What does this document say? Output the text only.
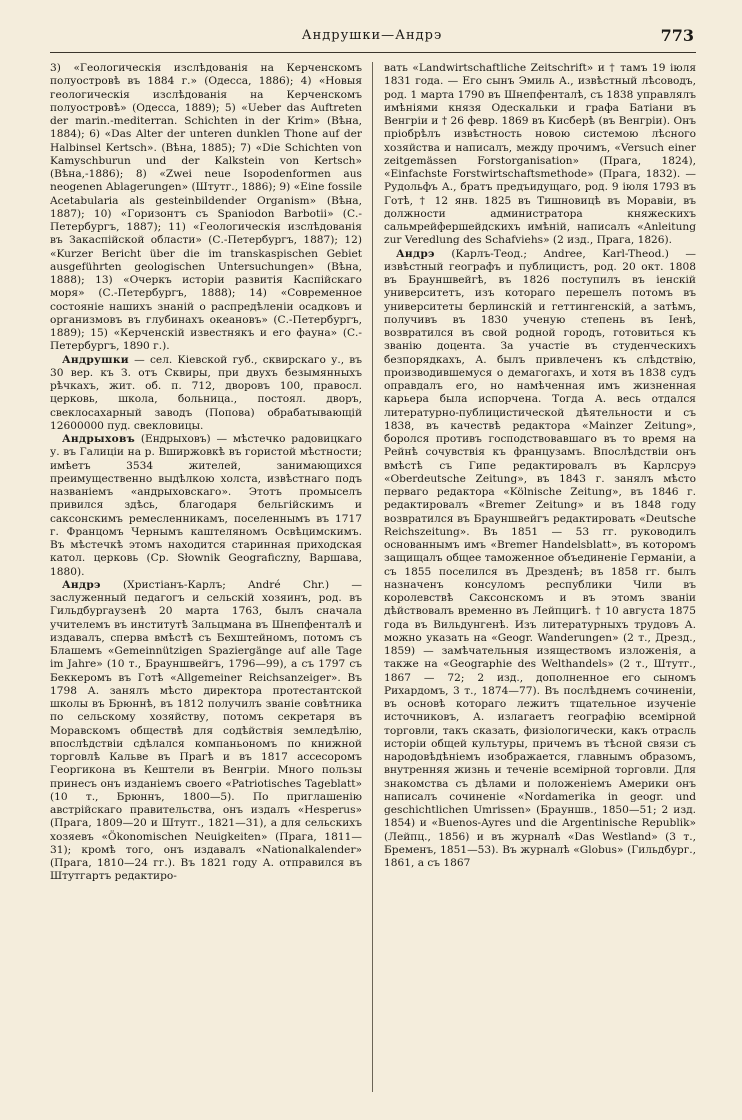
Андрушки—Андрэ	773

3) «Геологическія изслѣдованія на Керченскомъ полуостровѣ въ 1884 г.» (Одесса, 1886); 4) «Новыя геологическія изслѣдованія на Керченскомъ полуостровѣ» (Одесса, 1889); 5) «Ueber das Auftreten der marin.-mediterran. Schichten in der Krim» (Вѣна, 1884); 6) «Das Alter der unteren dunklen Thone auf der Halbinsel Kertsch». (Вѣна, 1885); 7) «Die Schichten von Kamyschburun und der Kalkstein von Kertsch» (Вѣна,-1886); 8) «Zwei neue Isopodenformen aus neogenen Ablagerungen» (Штутг., 1886); 9) «Eine fossile Acetabularia als gesteinbildender Organism» (Вѣна, 1887); 10) «Горизонтъ съ Spaniodon Barbotii» (С.-Петербургъ, 1887); 11) «Геологическія изслѣдованія въ Закаспійской области» (С.-Петербургъ, 1887); 12) «Kurzer Bericht über die im transkaspischen Gebiet ausgeführten geologischen Untersuchungen» (Вѣна, 1888); 13) «Очеркъ исторіи развитія Каспійскаго моря» (С.-Петербургъ, 1888); 14) «Современное состояніе нашихъ знаній о распредѣленіи осадковъ и организмовъ въ глубинахъ океановъ» (С.-Петербургъ, 1889); 15) «Керченскій известнякъ и его фауна» (С.-Петербургъ, 1890 г.).

Андрушки — сел. Кіевской губ., сквирскаго у., въ 30 вер. къ З. отъ Сквиры, при двухъ безымянныхъ рѣчкахъ, жит. об. п. 712, дворовъ 100, правосл. церковь, школа, больница., постоял. дворъ, свеклосахарный заводъ (Попова) обрабатывающій 12600000 пуд. свекловицы.

Андрыховъ (Ендрыховъ) — мѣстечко радовицкаго у. въ Галиціи на р. Вширжовкѣ въ гористой мѣстности; имѣетъ 3534 жителей, занимающихся преимущественно выдѣлкою холста, извѣстнаго подъ названіемъ «андрыховскаго». Этотъ промыселъ привился здѣсь, благодаря бельгійскимъ и саксонскимъ ремесленникамъ, поселеннымъ въ 1717 г. Францомъ Чернымъ каштеляномъ Освѣцимскимъ. Въ мѣстечкѣ этомъ находится старинная приходская катол. церковь (Ср. Słownik Geograficzny, Варшава, 1880).

Андрэ (Христіанъ-Карлъ; André Chr.) — заслуженный педагогъ и сельскій хозяинъ, род. въ Гильдбургаузенѣ 20 марта 1763, былъ сначала учителемъ въ институтѣ Зальцмана въ Шнепфенталѣ и издавалъ, сперва вмѣстѣ съ Бехштейномъ, потомъ съ Блашемъ «Gemeinnützigen Spaziergänge auf alle Tage im Jahre» (10 т., Брауншвейгъ, 1796—99), а съ 1797 съ Беккеромъ въ Готѣ «Allgemeiner Reichsanzeiger». Въ 1798 А. занялъ мѣсто директора протестантской школы въ Брюннѣ, въ 1812 получилъ званіе совѣтника по сельскому хозяйству, потомъ секретаря въ Моравскомъ обществѣ для содѣйствія земледѣлію, впослѣдствіи сдѣлался компаньономъ по книжной торговлѣ Кальве въ Прагѣ и въ 1817 ассесоромъ Георгикона въ Кештели въ Венгріи. Много пользы принесъ онъ изданіемъ своего «Patriotisches Tageblatt» (10 т., Брюннъ, 1800—5). По приглашенію австрійскаго правительства, онъ издалъ «Hesperus» (Прага, 1809—20 и Штутг., 1821—31), а для сельскихъ хозяевъ «Ökonomischen Neuigkeiten» (Прага, 1811—31); кромѣ того, онъ издавалъ «Nationalkalender» (Прага, 1810—24 гг.). Въ 1821 году А. отправился въ Штутгартъ редактиро-

вать «Landwirtschaftliche Zeitschrift» и † тамъ 19 іюля 1831 года. — Его сынъ Эмиль А., извѣстный лѣсоводъ, род. 1 марта 1790 въ Шнепфенталѣ, съ 1838 управлялъ имѣніями князя Одескальки и графа Батіани въ Венгріи и † 26 февр. 1869 въ Кисберѣ (въ Венгріи). Онъ пріобрѣлъ извѣстность новою системою лѣсного хозяйства и написалъ, между прочимъ, «Versuch einer zeitgemässen Forstorganisation» (Прага, 1824), «Einfachste Forstwirtschaftsmethode» (Прага, 1832). — Рудольфъ А., братъ предъидущаго, род. 9 іюля 1793 въ Готѣ, † 12 янв. 1825 въ Тишновицѣ въ Моравіи, въ должности администратора княжескихъ сальмрейфершейдскихъ имѣній, написалъ «Anleitung zur Veredlung des Schafviehs» (2 изд., Прага, 1826).

Андрэ (Карлъ-Теод.; Andree, Karl-Theod.) — извѣстный географъ и публицистъ, род. 20 окт. 1808 въ Брауншвейгѣ, въ 1826 поступилъ въ іенскій университетъ, изъ котораго перешелъ потомъ въ университеты берлинскій и геттингенскій, а затѣмъ, получивъ въ 1830 ученую степень въ Іенѣ, возвратился въ свой родной городъ, готовиться къ званію доцента. За участіе въ студенческихъ безпорядкахъ, А. былъ привлеченъ къ слѣдствію, производившемуся о демагогахъ, и хотя въ 1838 судъ оправдалъ его, но намѣченная имъ жизненная карьера была испорчена. Тогда А. весь отдался литературно-публицистической дѣятельности и съ 1838, въ качествѣ редактора «Mainzer Zeitung», боролся противъ господствовавшаго въ то время на Рейнѣ сочувствія къ французамъ. Впослѣдствіи онъ вмѣстѣ съ Гипе редактировалъ въ Карлсруэ «Oberdeutsche Zeitung», въ 1843 г. занялъ мѣсто перваго редактора «Kölnische Zeitung», въ 1846 г. редактировалъ «Bremer Zeitung» и въ 1848 году возвратился въ Брауншвейгъ редактировать «Deutsche Reichszeitung». Въ 1851 — 53 гг. руководилъ основаннымъ имъ «Bremer Handelsblatt», въ которомъ защищалъ общее таможенное объединеніе Германіи, а съ 1855 поселился въ Дрезденѣ; въ 1858 гг. былъ назначенъ консуломъ республики Чили въ королевствѣ Саксонскомъ и въ этомъ званіи дѣйствовалъ временно въ Лейпцигѣ. † 10 августа 1875 года въ Вильдунгенѣ. Изъ литературныхъ трудовъ А. можно указать на «Geogr. Wanderungen» (2 т., Дрезд., 1859) — замѣчательныя изяществомъ изложенія, а также на «Geographie des Welthandels» (2 т., Штутг., 1867 — 72; 2 изд., дополненное его сыномъ Рихардомъ, 3 т., 1874—77). Въ послѣднемъ сочиненіи, въ основѣ котораго лежитъ тщательное изученіе источниковъ, А. излагаетъ географію всемірной торговли, такъ сказать, физіологически, какъ отрасль исторіи общей культуры, причемъ въ тѣсной связи съ народовѣдѣніемъ изображается, главнымъ образомъ, внутренняя жизнь и теченіе всемірной торговли. Для знакомства съ дѣлами и положеніемъ Америки онъ написалъ сочиненіе «Nordamerika in geogr. und geschichtlichen Umrissen» (Брауншв., 1850—51; 2 изд. 1854) и «Buenos-Ayres und die Argentinische Republik» (Лейпц., 1856) и въ журналѣ «Das Westland» (3 т., Бременъ, 1851—53). Въ журналѣ «Globus» (Гильдбург., 1861, а съ 1867
